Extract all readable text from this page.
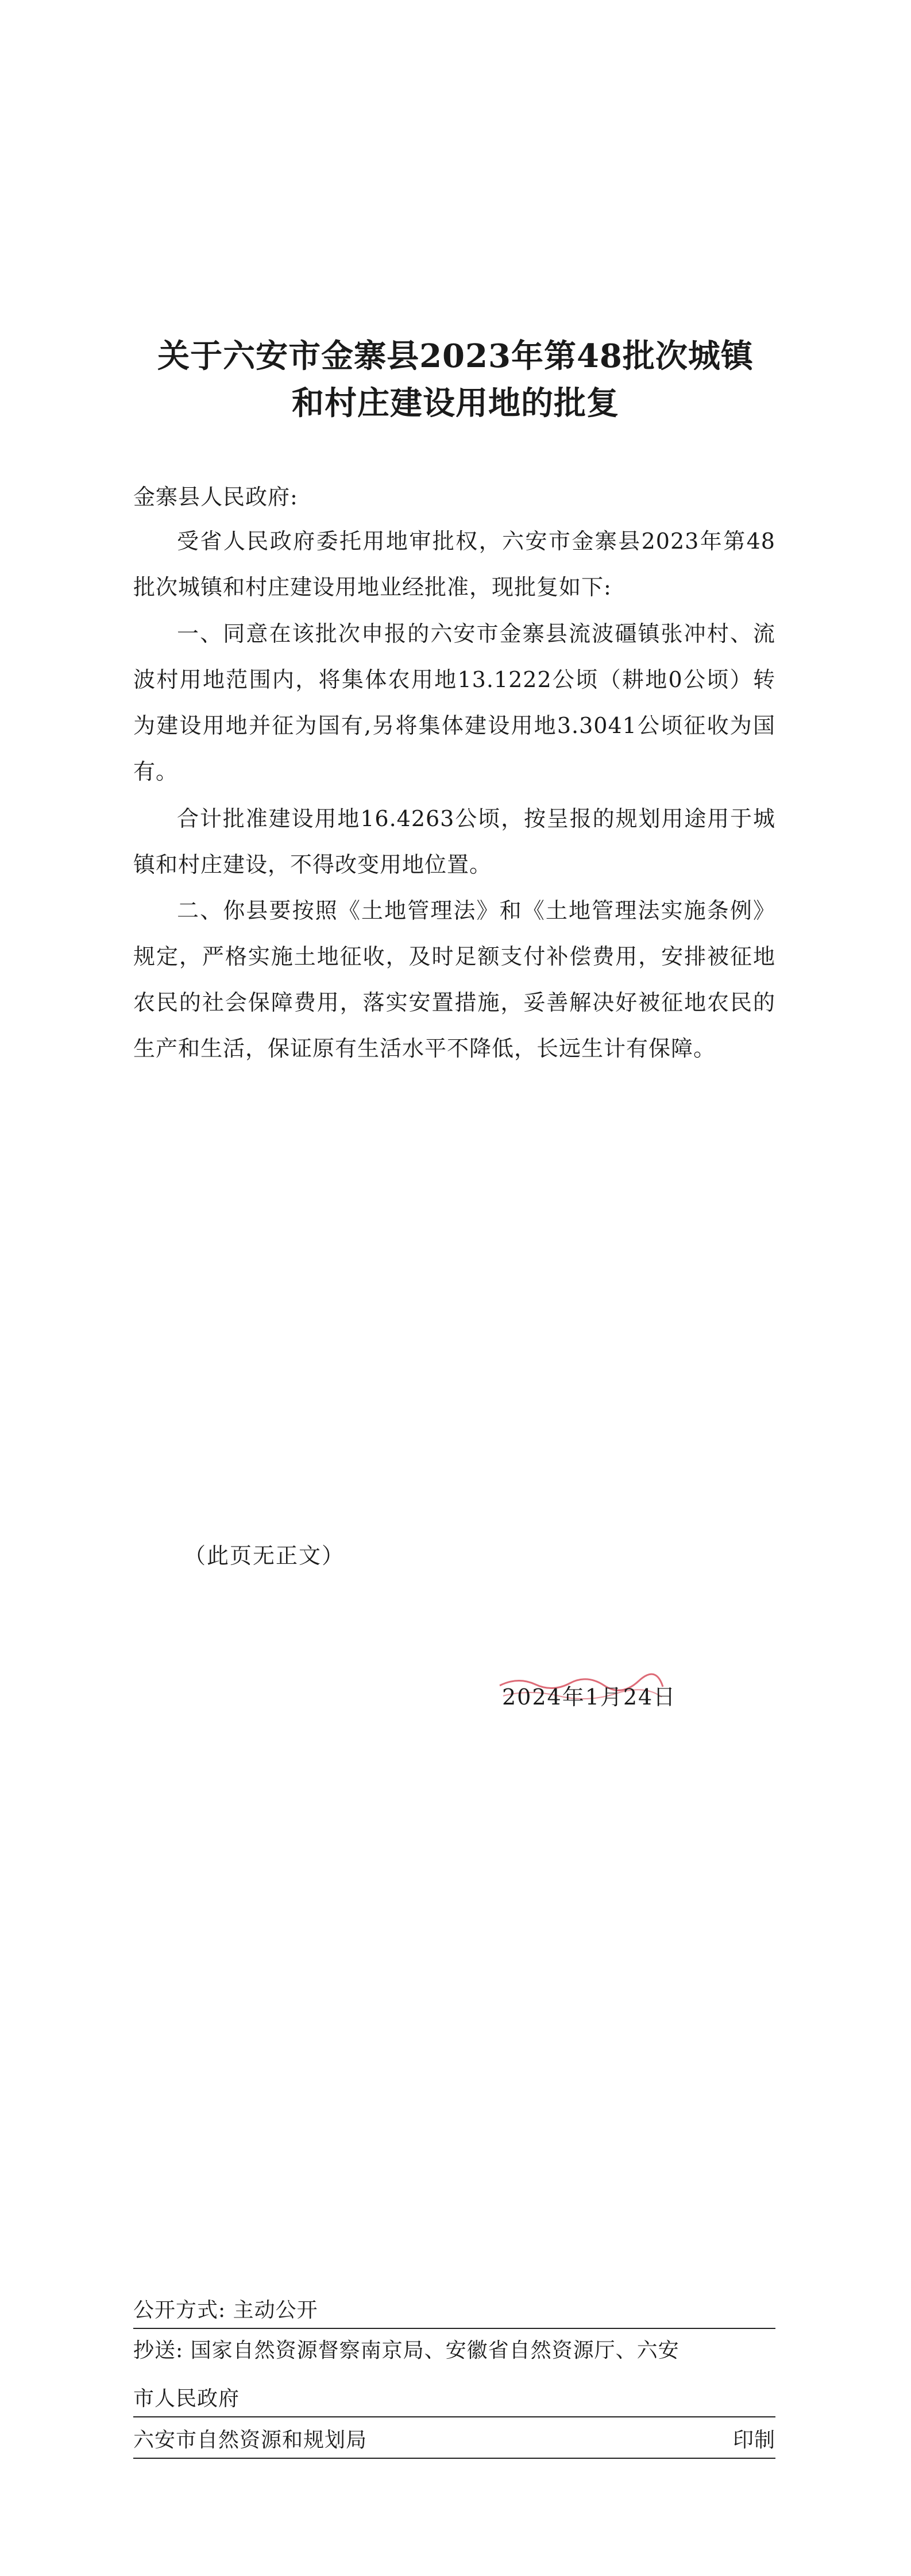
关于六安市金寨县2023年第48批次城镇
和村庄建设用地的批复
金寨县人民政府:
受省人民政府委托用地审批权，六安市金寨县2023年第48批次城镇和村庄建设用地业经批准，现批复如下:
一、同意在该批次申报的六安市金寨县流波礓镇张冲村、流波村用地范围内，将集体农用地13.1222公顷（耕地0公顷）转为建设用地并征为国有,另将集体建设用地3.3041公顷征收为国有。
合计批准建设用地16.4263公顷，按呈报的规划用途用于城镇和村庄建设，不得改变用地位置。
二、你县要按照《土地管理法》和《土地管理法实施条例》规定，严格实施土地征收，及时足额支付补偿费用，安排被征地农民的社会保障费用，落实安置措施，妥善解决好被征地农民的生产和生活，保证原有生活水平不降低，长远生计有保障。
（此页无正文）
2024年1月24日
公开方式: 主动公开
抄送: 国家自然资源督察南京局、安徽省自然资源厅、六安
市人民政府
六安市自然资源和规划局	印制
